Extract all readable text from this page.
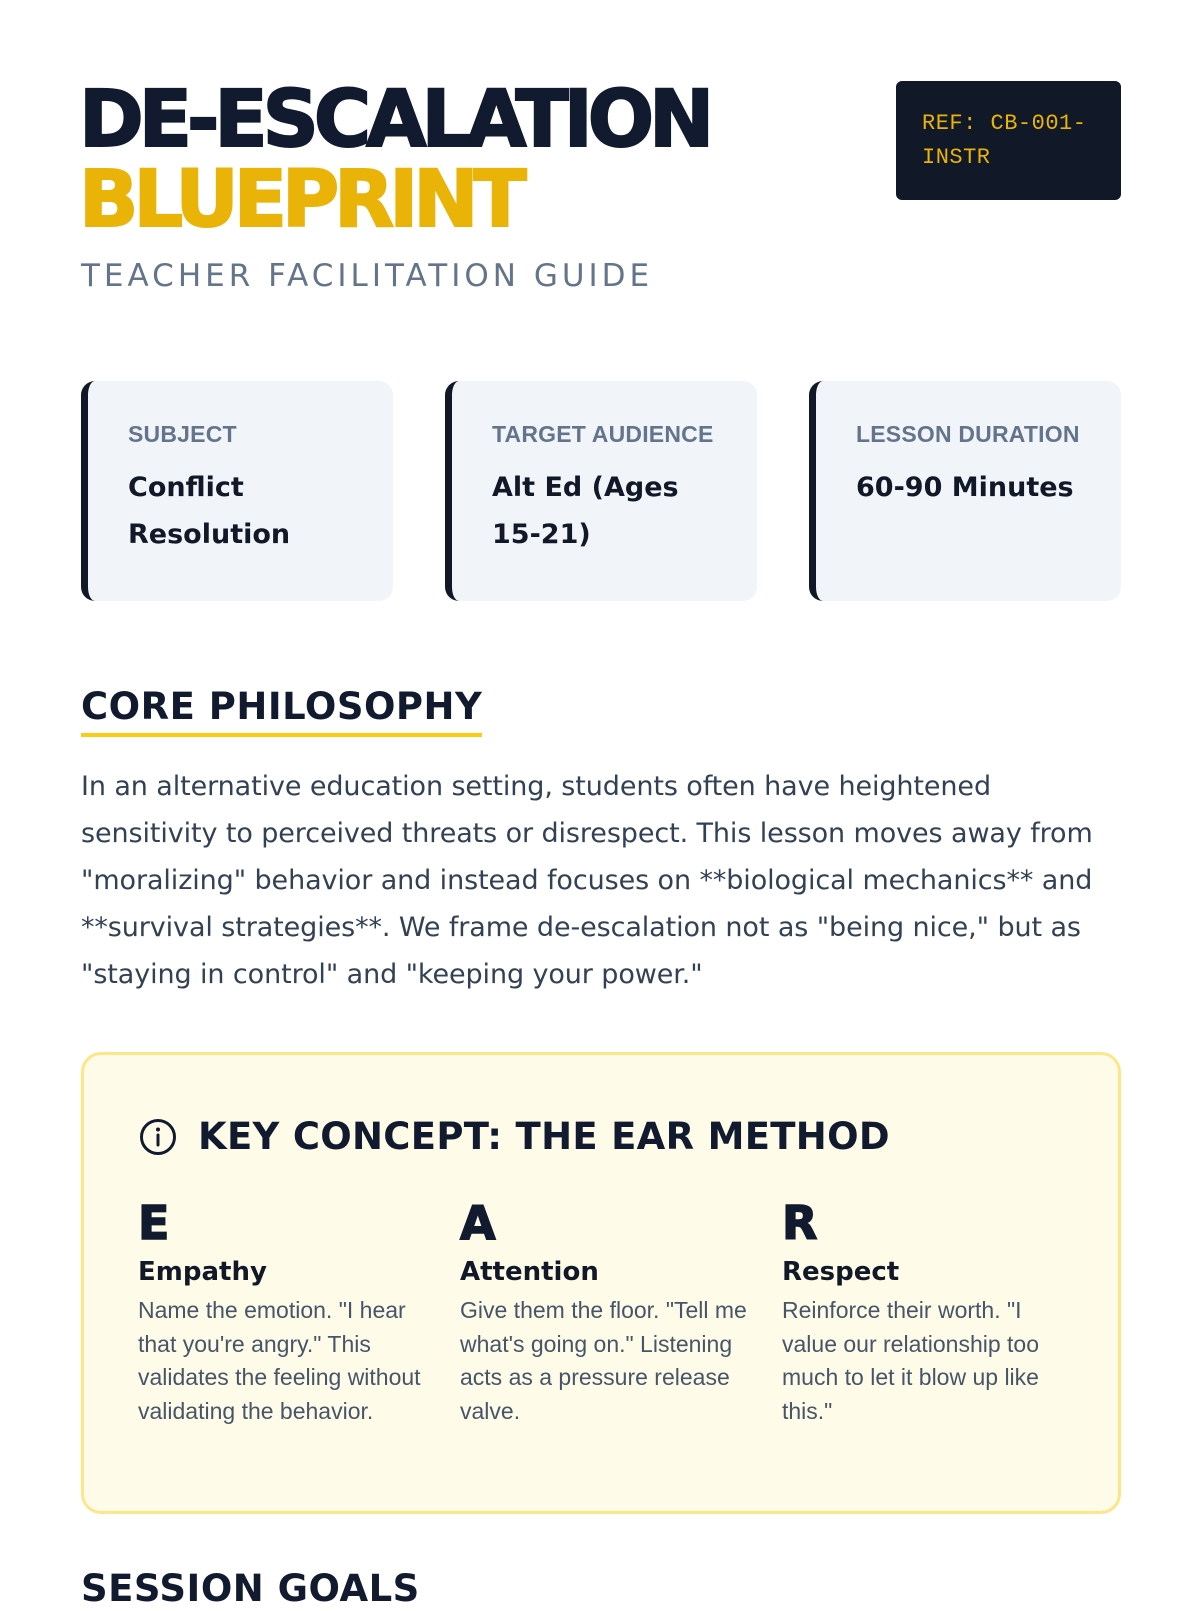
DE-ESCALATION
BLUEPRINT
TEACHER FACILITATION GUIDE
REF: CB-001-INSTR
SUBJECT
Conflict Resolution
TARGET AUDIENCE
Alt Ed (Ages 15-21)
LESSON DURATION
60-90 Minutes
CORE PHILOSOPHY

In an alternative education setting, students often have heightened sensitivity to perceived threats or disrespect. This lesson moves away from "moralizing" behavior and instead focuses on **biological mechanics** and **survival strategies**. We frame de-escalation not as "being nice," but as "staying in control" and "keeping your power."

KEY CONCEPT: THE EAR METHOD
E
Empathy
Name the emotion. "I hear that you're angry." This validates the feeling without validating the behavior.
A
Attention
Give them the floor. "Tell me what's going on." Listening acts as a pressure release valve.
R
Respect
Reinforce their worth. "I value our relationship too much to let it blow up like this."
SESSION GOALS
